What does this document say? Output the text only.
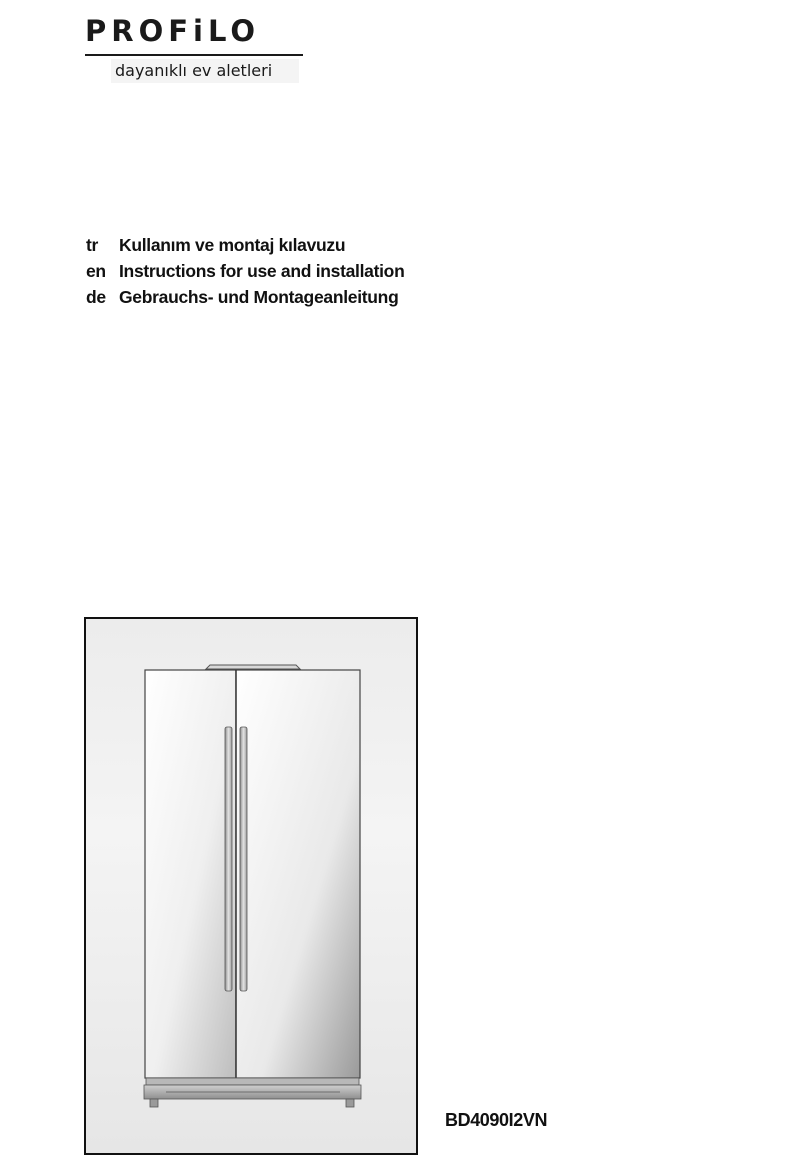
PROFiLO
dayanıklı ev aletleri
tr	Kullanım ve montaj kılavuzu
en Instructions for use and installation
de Gebrauchs- und Montageanleitung
BD4090I2VN
